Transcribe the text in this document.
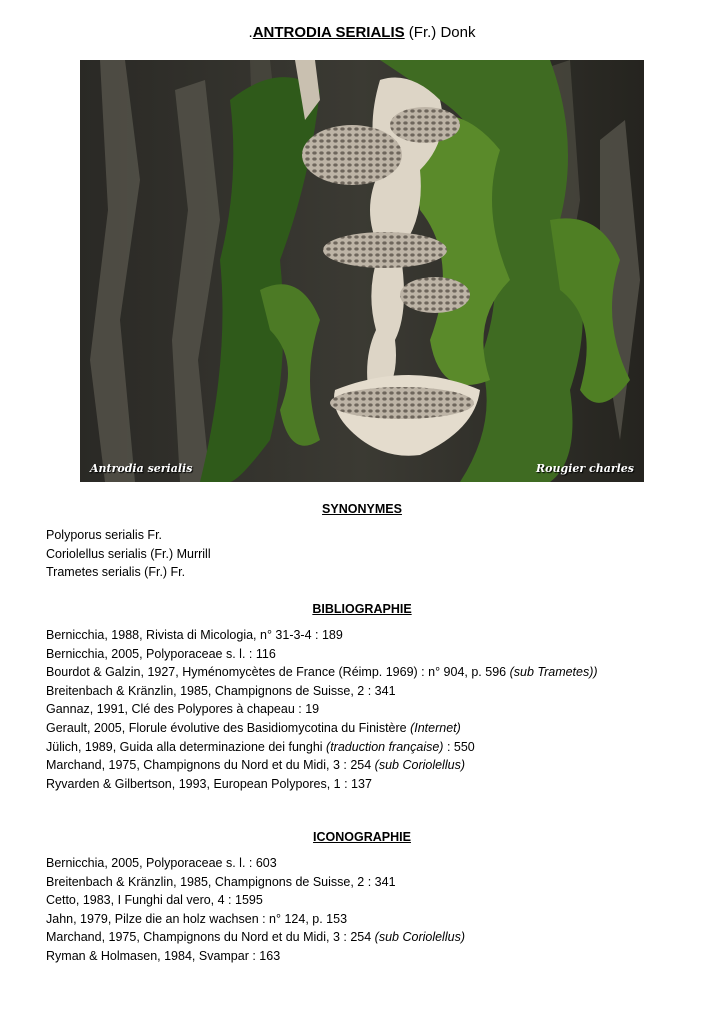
.ANTRODIA SERIALIS (Fr.) Donk
Antrodia serialis	Rougier charles
SYNONYMES
Polyporus serialis Fr.
Coriolellus serialis (Fr.) Murrill
Trametes serialis (Fr.) Fr.
BIBLIOGRAPHIE
Bernicchia, 1988, Rivista di Micologia, n° 31-3-4 : 189
Bernicchia, 2005, Polyporaceae s. l. : 116
Bourdot & Galzin, 1927, Hyménomycètes de France (Réimp. 1969) : n° 904, p. 596 (sub Trametes))
Breitenbach & Kränzlin, 1985, Champignons de Suisse, 2 : 341
Gannaz, 1991, Clé des Polypores à chapeau : 19
Gerault, 2005, Florule évolutive des Basidiomycotina du Finistère (Internet)
Jülich, 1989, Guida alla determinazione dei funghi (traduction française) : 550
Marchand, 1975, Champignons du Nord et du Midi, 3 : 254 (sub Coriolellus)
Ryvarden & Gilbertson, 1993, European Polypores, 1 : 137
ICONOGRAPHIE
Bernicchia, 2005, Polyporaceae s. l. : 603
Breitenbach & Kränzlin, 1985, Champignons de Suisse, 2 : 341
Cetto, 1983, I Funghi dal vero, 4 : 1595
Jahn, 1979, Pilze die an holz wachsen : n° 124, p. 153
Marchand, 1975, Champignons du Nord et du Midi, 3 : 254 (sub Coriolellus)
Ryman & Holmasen, 1984, Svampar : 163
